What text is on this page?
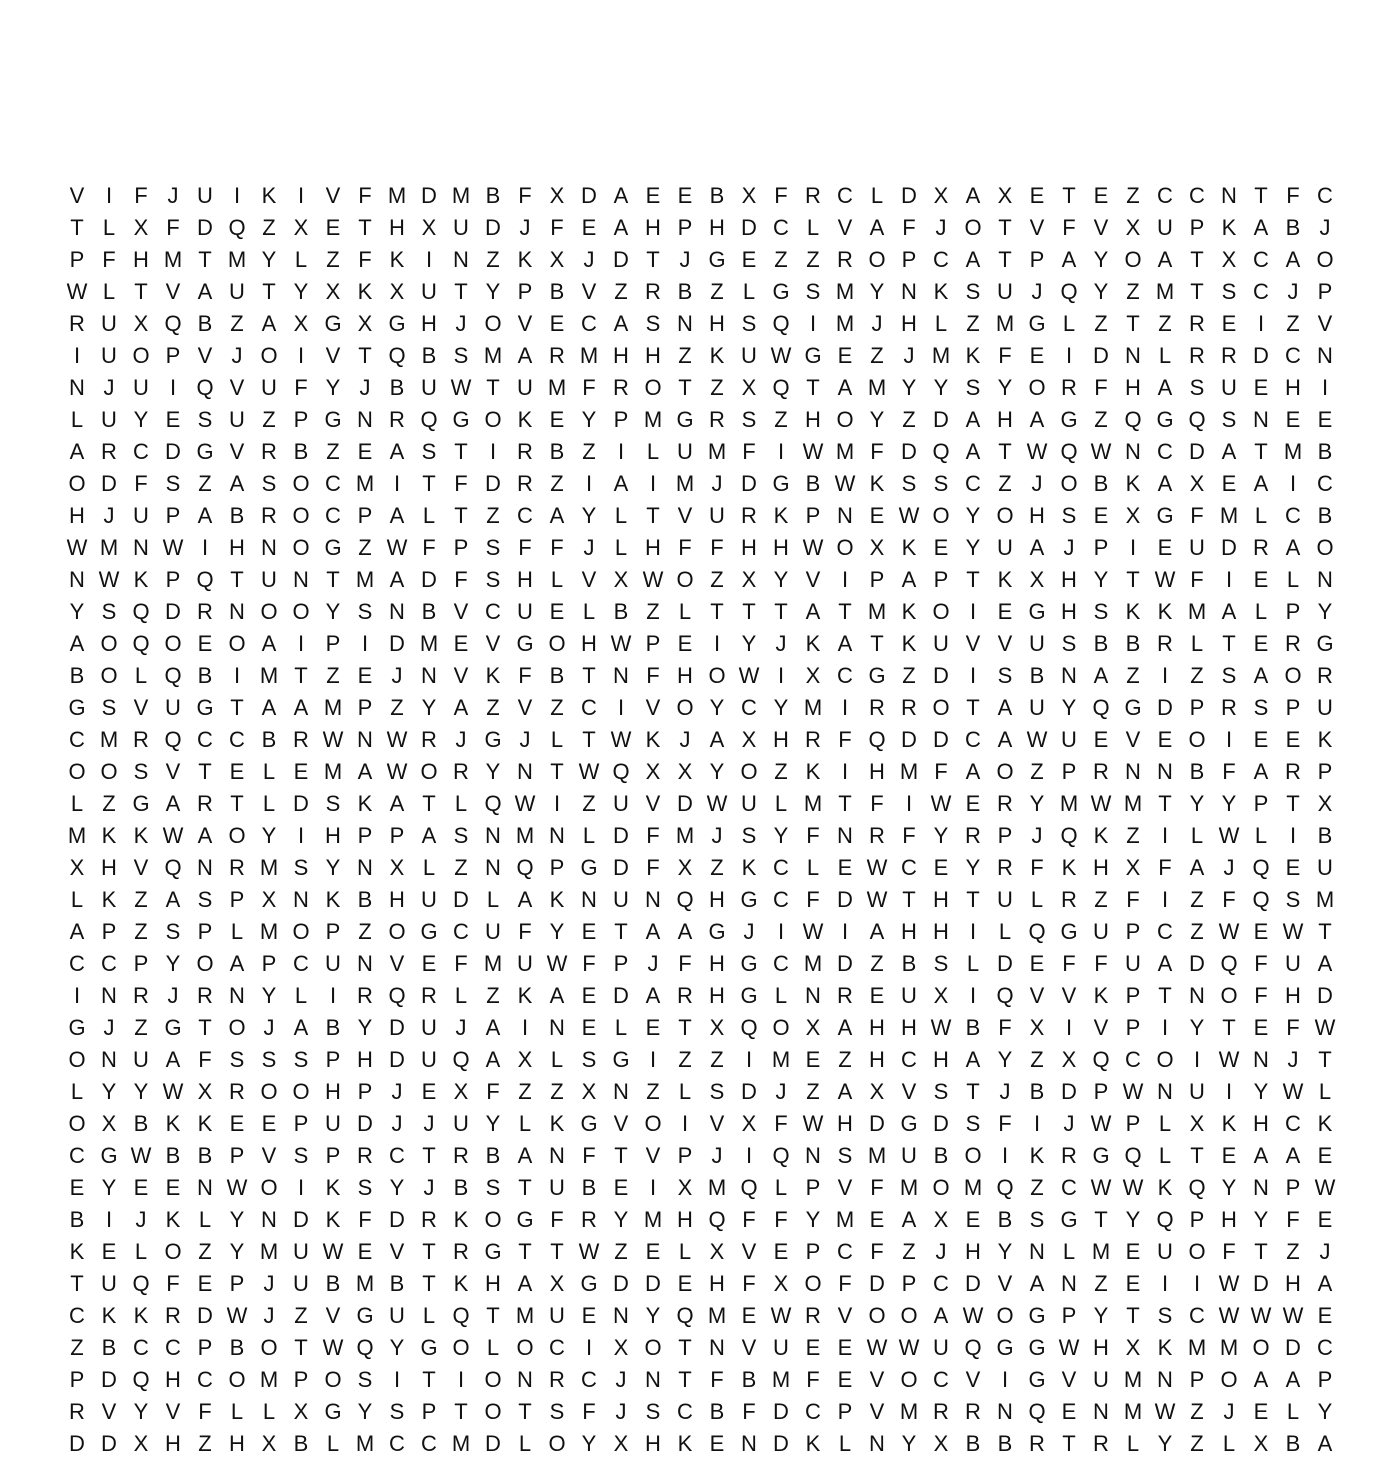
V I	F J U I K I V F M D M B F X D A E E B X F R C L D X A X E T E Z C C N T F C
T L X F D Q Z X E T H X U D J F E A H P H D C L V A F J O T V F V X U P K A B J
P F H M T M Y L Z F K I N Z K X J D T J G E Z Z R O P C A T P A Y O A T X C A O
W L T V A U T Y X K X U T Y P B V Z R B Z L G S M Y N K S U J Q Y Z M T S C J P
R U X Q B Z A X G X G H J O V E C A S N H S Q I M J H L Z M G L Z T Z R E I	Z V
I U O P V J O I V T Q B S M A R M H H Z K U W G E Z J M K F E I D N L R R D C N
N J U I Q V U F Y J B U W T U M F R O T Z X Q T A M Y Y S Y O R F H A S U E H I
L U Y E S U Z P G N R Q G O K E Y P M G R S Z H O Y Z D A H A G Z Q G Q S N E E
A R C D G V R B Z E A S T	I R B Z	I	L U M F	I W M F D Q A T W Q W N C D A T M B
O D F S Z A S O C M I	T F D R Z	I A I M J D G B W K S S C Z J O B K A X E A I C
H J U P A B R O C P A L T Z C A Y L T V U R K P N E W O Y O H S E X G F M L C B
W M N W I H N O G Z W F P S F F J L H F F H H W O X K E Y U A J P I E U D R A O
N W K P Q T U N T M A D F S H L V X W O Z X Y V I P A P T K X H Y T W F	I E L N
Y S Q D R N O O Y S N B V C U E L B Z L T T T A T M K O I E G H S K K M A L P Y
A O Q O E O A I P I D M E V G O H W P E I Y J K A T K U V V U S B B R L T E R G
B O L Q B I M T Z E J N V K F B T N F H O W I X C G Z D I S B N A Z	I	Z S A O R
G S V U G T A A M P Z Y A Z V Z C I V O Y C Y M I R R O T A U Y Q G D P R S P U
C M R Q C C B R W N W R J G J L T W K J A X H R F Q D D C A W U E V E O I E E K
O O S V T E L E M A W O R Y N T W Q X X Y O Z K I H M F A O Z P R N N B F A R P
L Z G A R T L D S K A T L Q W I	Z U V D W U L M T F	I W E R Y M W M T Y Y P T X
M K K W A O Y I H P P A S N M N L D F M J S Y F N R F Y R P J Q K Z	I	L W L	I B
X H V Q N R M S Y N X L Z N Q P G D F X Z K C L E W C E Y R F K H X F A J Q E U
L K Z A S P X N K B H U D L A K N U N Q H G C F D W T H T U L R Z F	I	Z F Q S M
A P Z S P L M O P Z O G C U F Y E T A A G J	I W I A H H I	L Q G U P C Z W E W T
C C P Y O A P C U N V E F M U W F P J F H G C M D Z B S L D E F F U A D Q F U A
I N R J R N Y L	I R Q R L Z K A E D A R H G L N R E U X I Q V V K P T N O F H D
G J Z G T O J A B Y D U J A I N E L E T X Q O X A H H W B F X I V P I Y T E F W
O N U A F S S S P H D U Q A X L S G I	Z Z	I M E Z H C H A Y Z X Q C O I W N J T
L Y Y W X R O O H P J E X F Z Z X N Z L S D J Z A X V S T J B D P W N U I Y W L
O X B K K E E P U D J J U Y L K G V O I V X F W H D G D S F	I	J W P L X K H C K
C G W B B P V S P R C T R B A N F T V P J	I Q N S M U B O I K R G Q L T E A A E
E Y E E N W O I K S Y J B S T U B E I X M Q L P V F M O M Q Z C W W K Q Y N P W
B I	J K L Y N D K F D R K O G F R Y M H Q F F Y M E A X E B S G T Y Q P H Y F E
K E L O Z Y M U W E V T R G T T W Z E L X V E P C F Z J H Y N L M E U O F T Z J
T U Q F E P J U B M B T K H A X G D D E H F X O F D P C D V A N Z E I	I W D H A
C K K R D W J Z V G U L Q T M U E N Y Q M E W R V O O A W O G P Y T S C W W W E
Z B C C P B O T W Q Y G O L O C I X O T N V U E E W W U Q G G W H X K M M O D C
P D Q H C O M P O S I	T	I O N R C J N T F B M F E V O C V I G V U M N P O A A P
R V Y V F L L X G Y S P T O T S F J S C B F D C P V M R R N Q E N M W Z J E L Y
D D X H Z H X B L M C C M D L O Y X H K E N D K L N Y X B B R T R L Y Z L X B A
